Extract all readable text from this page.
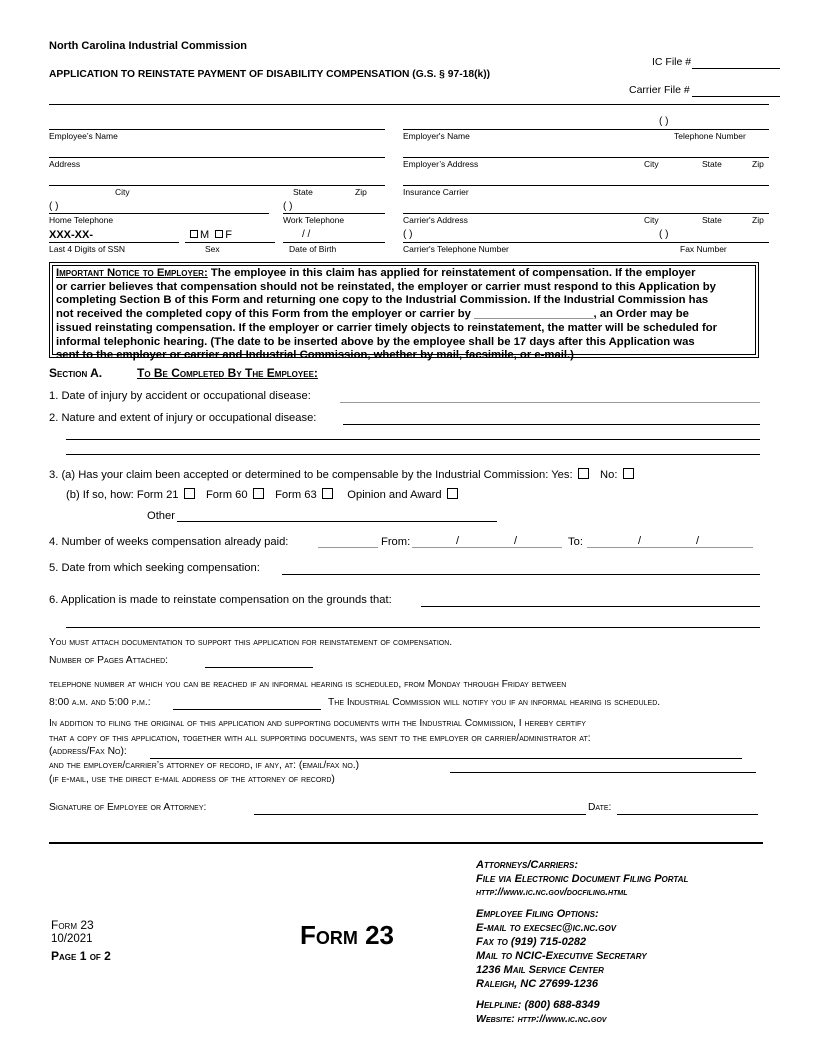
North Carolina Industrial Commission
APPLICATION TO REINSTATE PAYMENT OF DISABILITY COMPENSATION (G.S. § 97-18(k))
IC File #
Carrier File #
Employee’s Name
Address
City	State	Zip
( )
Home Telephone
( )
Work Telephone
XXX-XX-
Last 4 Digits of SSN
M F
Sex
/ /
Date of Birth
( )
Employer's Name	Telephone Number
Employer’s Address	City	State	Zip
Insurance Carrier
Carrier's Address	City	State	Zip
( )	( )
Carrier's Telephone Number	Fax Number
Important Notice to Employer: The employee in this claim has applied for reinstatement of compensation. If the employer
or carrier believes that compensation should not be reinstated, the employer or carrier must respond to this Application by
completing Section B of this Form and returning one copy to the Industrial Commission. If the Industrial Commission has
not received the completed copy of this Form from the employer or carrier by ___________________, an Order may be
issued reinstating compensation. If the employer or carrier timely objects to reinstatement, the matter will be scheduled for
informal telephonic hearing. (The date to be inserted above by the employee shall be 17 days after this Application was
sent to the employer or carrier and Industrial Commission, whether by mail, facsimile, or e-mail.)
Section A.	To Be Completed By The Employee:
1. Date of injury by accident or occupational disease:
2. Nature and extent of injury or occupational disease:
3. (a) Has your claim been accepted or determined to be compensable by the Industrial Commission: Yes: No:
(b) If so, how: Form 21 Form 60 Form 63	Opinion and Award
Other
4. Number of weeks compensation already paid:	From:	/	/	To:	/	/
5. Date from which seeking compensation:
6. Application is made to reinstate compensation on the grounds that:
You must attach documentation to support this application for reinstatement of compensation.
Number of Pages Attached:
telephone number at which you can be reached if an informal hearing is scheduled, from Monday through Friday between
8:00 a.m. and 5:00 p.m.:	The Industrial Commission will notify you if an informal hearing is scheduled.
In addition to filing the original of this application and supporting documents with the Industrial Commission, I hereby certify
that a copy of this application, together with all supporting documents, was sent to the employer or carrier/administrator at:
(address/Fax No):
and the employer/carrier’s attorney of record, if any, at: (email/fax no.)
(if e-mail, use the direct e-mail address of the attorney of record)
Signature of Employee or Attorney:	Date:
Form 23
10/2021
Page 1 of 2
Form 23
Attorneys/Carriers:
File via Electronic Document Filing Portal
http://www.ic.nc.gov/docfiling.html
Employee Filing Options:
E-mail to execsec@ic.nc.gov
Fax to (919) 715-0282
Mail to NCIC-Executive Secretary
1236 Mail Service Center
Raleigh, NC 27699-1236
Helpline: (800) 688-8349
Website: http://www.ic.nc.gov
